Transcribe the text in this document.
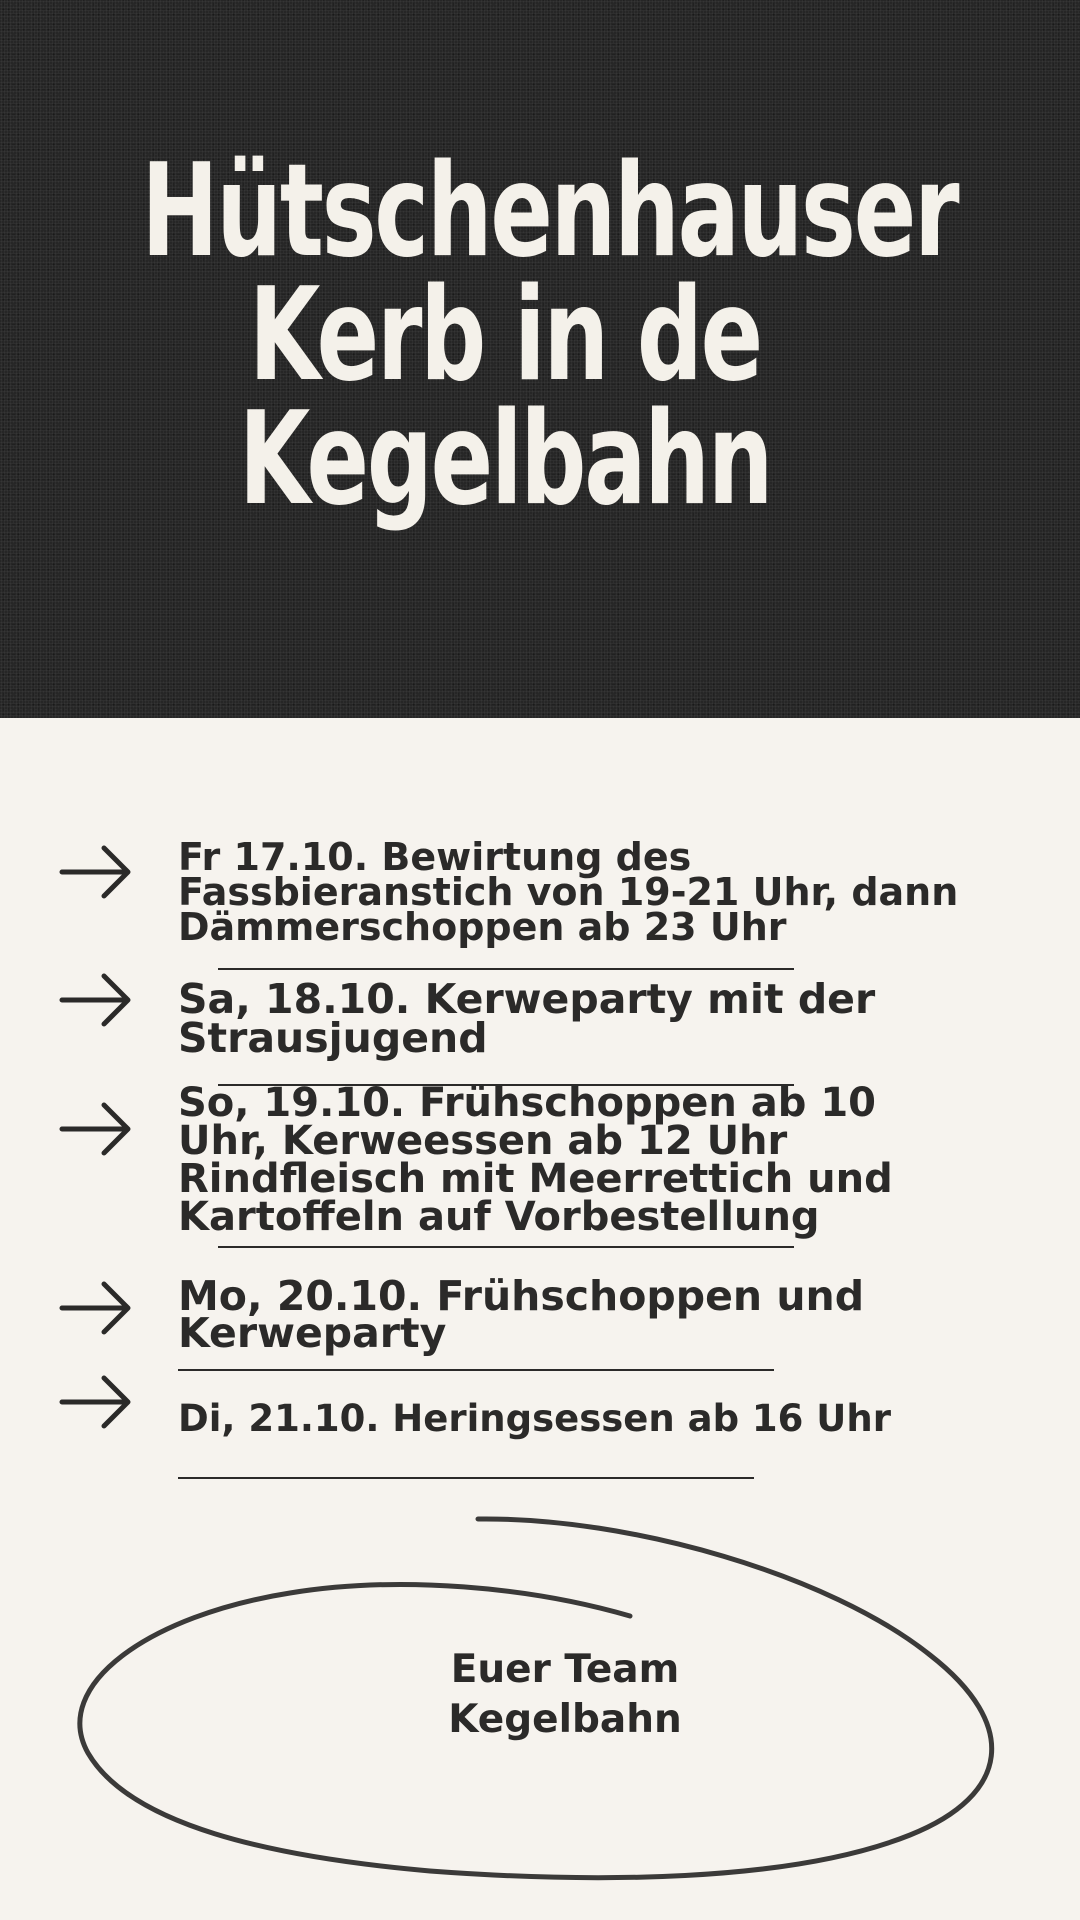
Hütschenhauser
Kerb in de
Kegelbahn

Fr 17.10. Bewirtung des Fassbieranstich von 19-21 Uhr, dann Dämmerschoppen ab 23 Uhr

Sa, 18.10. Kerweparty mit der Strausjugend

So, 19.10. Frühschoppen ab 10 Uhr, Kerweessen ab 12 Uhr Rindfleisch mit Meerrettich und Kartoffeln auf Vorbestellung

Mo, 20.10. Frühschoppen und Kerweparty

Di, 21.10. Heringsessen ab 16 Uhr

Euer Team
Kegelbahn
